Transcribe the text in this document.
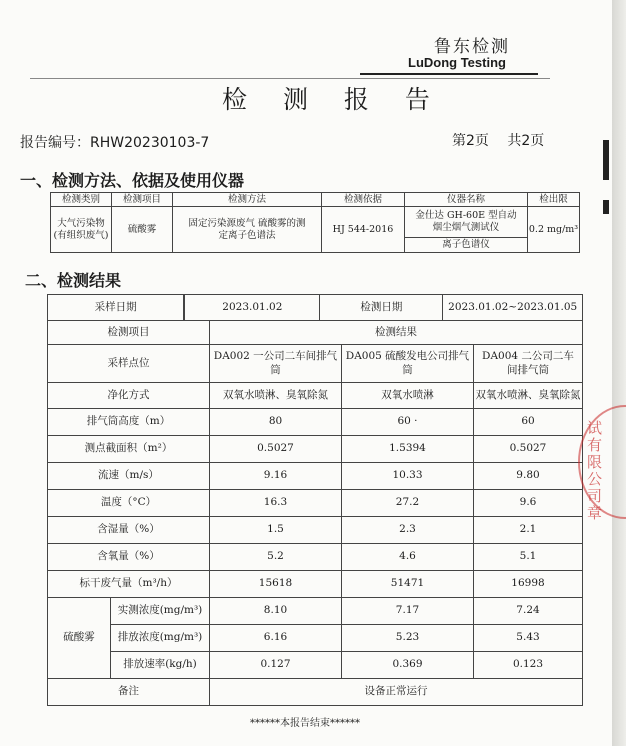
鲁东检测
LuDong Testing
检 测 报 告
报告编号：RHW20230103-7	第2页 共2页
一、检测方法、依据及使用仪器
检测类别	检测项目	检测方法	检测依据	仪器名称	检出限
大气污染物(有组织废气)	硫酸雾	固定污染源废气 硫酸雾的测定离子色谱法	HJ 544-2016	金仕达 GH-60E 型自动烟尘烟气测试仪	0.2 mg/m³
				离子色谱仪	
二、检测结果
采样日期		2023.01.02	检测日期	2023.01.02~2023.01.05
检测项目		检测结果		
采样点位		DA002 一公司二车间排气筒	DA005 硫酸发电公司排气筒	DA004 二公司二车间排气筒
净化方式		双氧水喷淋、臭氧除氮	双氧水喷淋	双氧水喷淋、臭氧除氮
排气筒高度（m）		80	60 ·	60
测点截面积（m²）		0.5027	1.5394	0.5027
流速（m/s）		9.16	10.33	9.80
温度（°C）		16.3	27.2	9.6
含湿量（%）		1.5	2.3	2.1
含氧量（%）		5.2	4.6	5.1
标干废气量（m³/h）		15618	51471	16998
硫酸雾	实测浓度(mg/m³)	8.10	7.17	7.24
	排放浓度(mg/m³)	6.16	5.23	5.43
	排放速率(kg/h)	0.127	0.369	0.123
备注		设备正常运行		
试有限公司章
******本报告结束******
